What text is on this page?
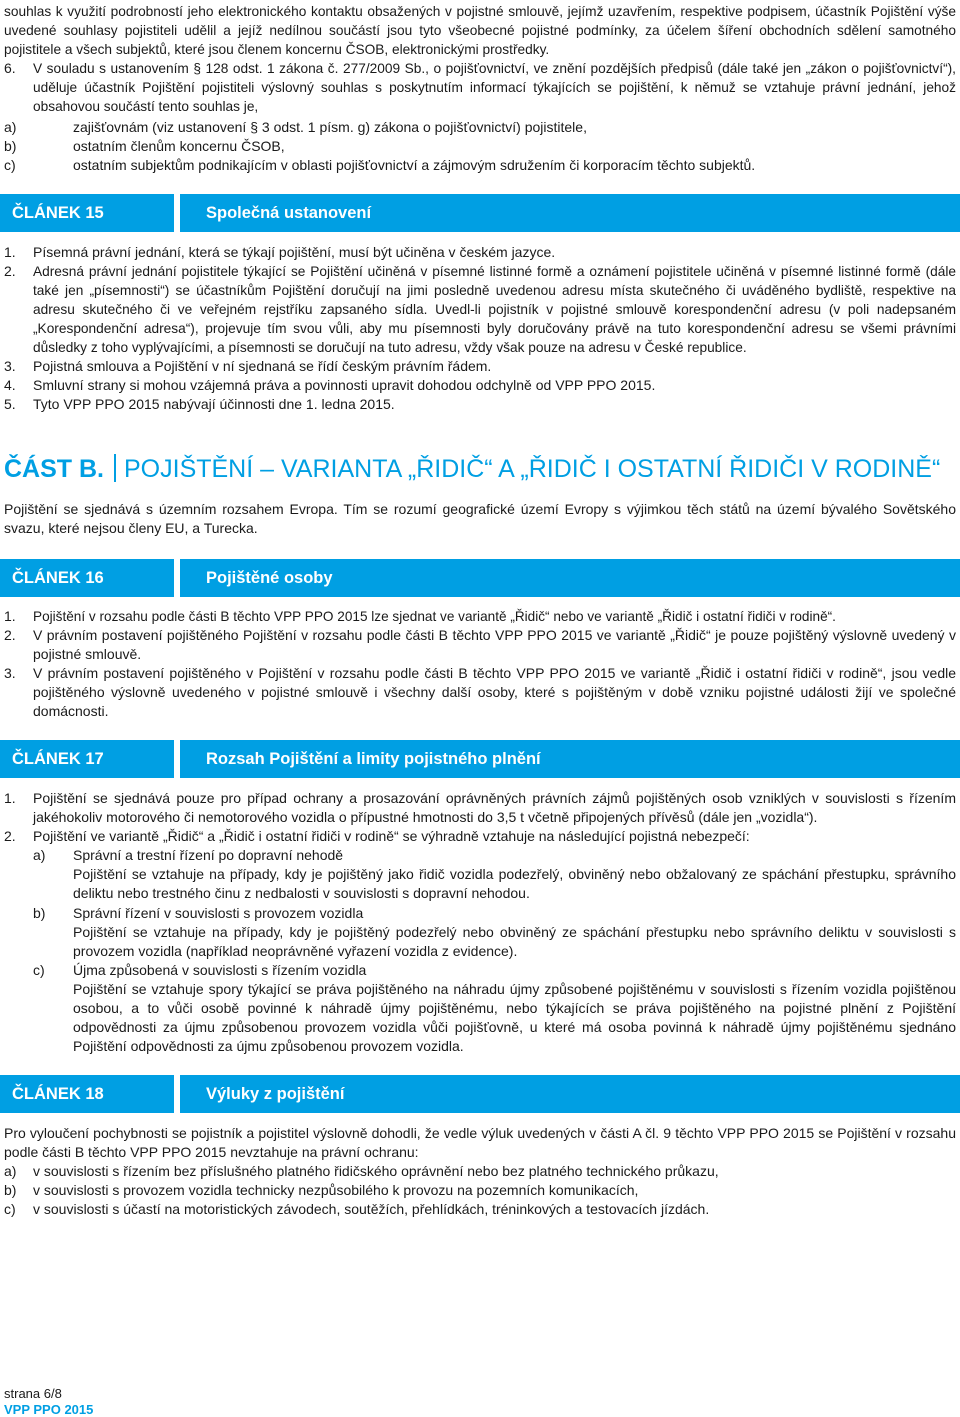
souhlas k využití podrobností jeho elektronického kontaktu obsažených v pojistné smlouvě, jejímž uzavřením, respektive podpisem, účastník Pojištění výše uvedené souhlasy pojistiteli udělil a jejíž nedílnou součástí jsou tyto všeobecné pojistné podmínky, za účelem šíření obchodních sdělení samotného pojistitele a všech subjektů, které jsou členem koncernu ČSOB, elektronickými prostředky.
6. V souladu s ustanovením § 128 odst. 1 zákona č. 277/2009 Sb., o pojišťovnictví, ve znění pozdějších předpisů (dále také jen „zákon o pojišťovnictví“), uděluje účastník Pojištění pojistiteli výslovný souhlas s poskytnutím informací týkajících se pojištění, k němuž se vztahuje právní jednání, jehož obsahovou součástí tento souhlas je,
a)	zajišťovnám (viz ustanovení § 3 odst. 1 písm. g) zákona o pojišťovnictví) pojistitele,
b)	ostatním členům koncernu ČSOB,
c)	ostatním subjektům podnikajícím v oblasti pojišťovnictví a zájmovým sdružením či korporacím těchto subjektů.
ČLÁNEK 15	Společná ustanovení
1. Písemná právní jednání, která se týkají pojištění, musí být učiněna v českém jazyce.
2. Adresná právní jednání pojistitele týkající se Pojištění učiněná v písemné listinné formě a oznámení pojistitele učiněná v písemné listinné formě (dále také jen „písemnosti“) se účastníkům Pojištění doručují na jimi posledně uvedenou adresu místa skutečného či uváděného bydliště, respektive na adresu skutečného či ve veřejném rejstříku zapsaného sídla. Uvedl-li pojistník v pojistné smlouvě korespondenční adresu (v poli nadepsaném „Korespondenční adresa“), projevuje tím svou vůli, aby mu písemnosti byly doručovány právě na tuto korespondenční adresu se všemi právními důsledky z toho vyplývajícími, a písemnosti se doručují na tuto adresu, vždy však pouze na adresu v České republice.
3. Pojistná smlouva a Pojištění v ní sjednaná se řídí českým právním řádem.
4. Smluvní strany si mohou vzájemná práva a povinnosti upravit dohodou odchylně od VPP PPO 2015.
5. Tyto VPP PPO 2015 nabývají účinnosti dne 1. ledna 2015.
ČÁST B. POJIŠTĚNÍ – VARIANTA „ŘIDIČ“ A „ŘIDIČ I OSTATNÍ ŘIDIČI V RODINĚ“
Pojištění se sjednává s územním rozsahem Evropa. Tím se rozumí geografické území Evropy s výjimkou těch států na území bývalého Sovětského svazu, které nejsou členy EU, a Turecka.
ČLÁNEK 16	Pojištěné osoby
1. Pojištění v rozsahu podle části B těchto VPP PPO 2015 lze sjednat ve variantě „Řidič“ nebo ve variantě „Řidič i ostatní řidiči v rodině“.
2. V právním postavení pojištěného Pojištění v rozsahu podle části B těchto VPP PPO 2015 ve variantě „Řidič“ je pouze pojištěný výslovně uvedený v pojistné smlouvě.
3. V právním postavení pojištěného v Pojištění v rozsahu podle části B těchto VPP PPO 2015 ve variantě „Řidič i ostatní řidiči v rodině“, jsou vedle pojištěného výslovně uvedeného v pojistné smlouvě i všechny další osoby, které s pojištěným v době vzniku pojistné události žijí ve společné domácnosti.
ČLÁNEK 17	Rozsah Pojištění a limity pojistného plnění
1. Pojištění se sjednává pouze pro případ ochrany a prosazování oprávněných právních zájmů pojištěných osob vzniklých v souvislosti s řízením jakéhokoliv motorového či nemotorového vozidla o přípustné hmotnosti do 3,5 t včetně připojených přívěsů (dále jen „vozidla“).
2. Pojištění ve variantě „Řidič“ a „Řidič i ostatní řidiči v rodině“ se výhradně vztahuje na následující pojistná nebezpečí:
a) Správní a trestní řízení po dopravní nehodě
Pojištění se vztahuje na případy, kdy je pojištěný jako řidič vozidla podezřelý, obviněný nebo obžalovaný ze spáchání přestupku, správního deliktu nebo trestného činu z nedbalosti v souvislosti s dopravní nehodou.
b) Správní řízení v souvislosti s provozem vozidla
Pojištění se vztahuje na případy, kdy je pojištěný podezřelý nebo obviněný ze spáchání přestupku nebo správního deliktu v souvislosti s provozem vozidla (například neoprávněné vyřazení vozidla z evidence).
c) Újma způsobená v souvislosti s řízením vozidla
Pojištění se vztahuje spory týkající se práva pojištěného na náhradu újmy způsobené pojištěnému v souvislosti s řízením vozidla pojištěnou osobou, a to vůči osobě povinné k náhradě újmy pojištěnému, nebo týkajících se práva pojištěného na pojistné plnění z Pojištění odpovědnosti za újmu způsobenou provozem vozidla vůči pojišťovně, u které má osoba povinná k náhradě újmy pojištěnému sjednáno Pojištění odpovědnosti za újmu způsobenou provozem vozidla.
ČLÁNEK 18	Výluky z pojištění
Pro vyloučení pochybnosti se pojistník a pojistitel výslovně dohodli, že vedle výluk uvedených v části A čl. 9 těchto VPP PPO 2015 se Pojištění v rozsahu podle části B těchto VPP PPO 2015 nevztahuje na právní ochranu:
a) v souvislosti s řízením bez příslušného platného řidičského oprávnění nebo bez platného technického průkazu,
b) v souvislosti s provozem vozidla technicky nezpůsobilého k provozu na pozemních komunikacích,
c) v souvislosti s účastí na motoristických závodech, soutěžích, přehlídkách, tréninkových a testovacích jízdách.
strana 6/8
VPP PPO 2015
